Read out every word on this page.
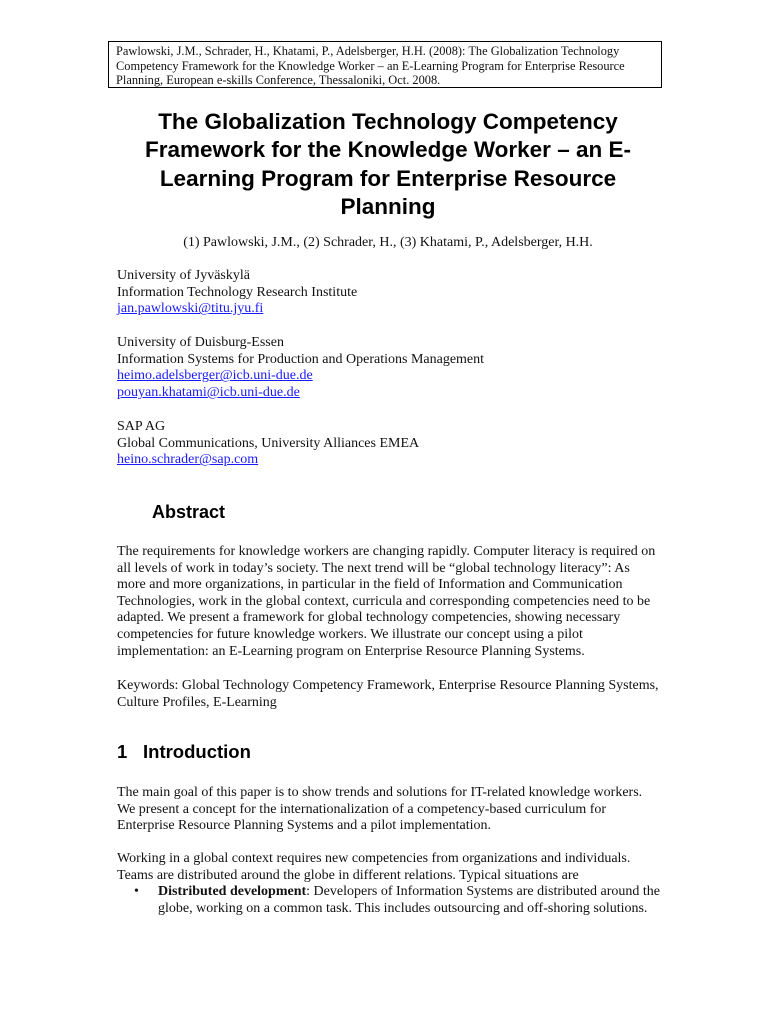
Pawlowski, J.M., Schrader, H., Khatami, P., Adelsberger, H.H. (2008): The Globalization Technology Competency Framework for the Knowledge Worker – an E-Learning Program for Enterprise Resource Planning, European e-skills Conference, Thessaloniki, Oct. 2008.
The Globalization Technology Competency
Framework for the Knowledge Worker – an E-
Learning Program for Enterprise Resource
Planning
(1) Pawlowski, J.M., (2) Schrader, H., (3) Khatami, P., Adelsberger, H.H.
University of Jyväskylä
Information Technology Research Institute
jan.pawlowski@titu.jyu.fi
University of Duisburg-Essen
Information Systems for Production and Operations Management
heimo.adelsberger@icb.uni-due.de
pouyan.khatami@icb.uni-due.de
SAP AG
Global Communications, University Alliances EMEA
heino.schrader@sap.com
Abstract

The requirements for knowledge workers are changing rapidly. Computer literacy is required on all levels of work in today’s society. The next trend will be “global technology literacy”: As more and more organizations, in particular in the field of Information and Communication Technologies, work in the global context, curricula and corresponding competencies need to be adapted. We present a framework for global technology competencies, showing necessary competencies for future knowledge workers. We illustrate our concept using a pilot implementation: an E-Learning program on Enterprise Resource Planning Systems.

Keywords: Global Technology Competency Framework, Enterprise Resource Planning Systems, Culture Profiles, E-Learning

1 Introduction

The main goal of this paper is to show trends and solutions for IT-related knowledge workers. We present a concept for the internationalization of a competency-based curriculum for Enterprise Resource Planning Systems and a pilot implementation.

Working in a global context requires new competencies from organizations and individuals. Teams are distributed around the globe in different relations. Typical situations are

• Distributed development: Developers of Information Systems are distributed around the globe, working on a common task. This includes outsourcing and off-shoring solutions.
